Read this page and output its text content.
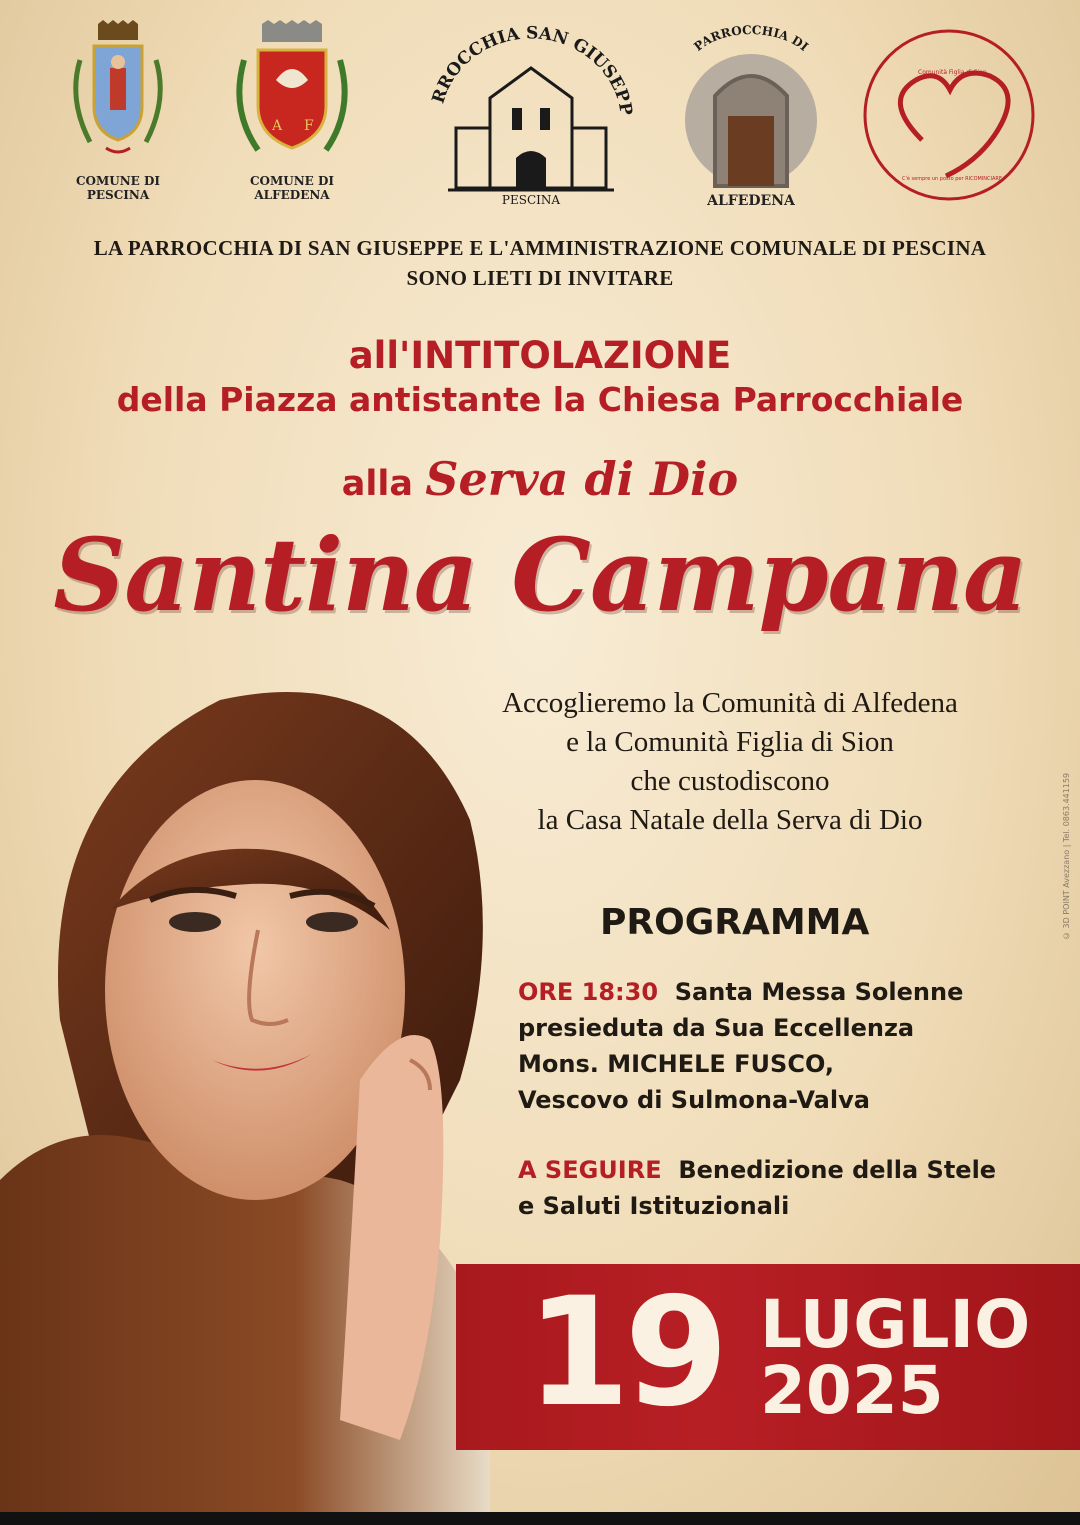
COMUNE DI PESCINA
A F
COMUNE DI ALFEDENA
RROCCHIA SAN GIUSEPP
PESCINA
PARROCCHIA DI
ALFEDENA
Comunità Figlia di Sion
C'è sempre un posto per RICOMINCIARE
LA PARROCCHIA DI SAN GIUSEPPE E L'AMMINISTRAZIONE COMUNALE DI PESCINA
SONO LIETI DI INVITARE
all'INTITOLAZIONE
della Piazza antistante la Chiesa Parrocchiale
alla Serva di Dio
Santina Campana
Accoglieremo la Comunità di Alfedena
e la Comunità Figlia di Sion
che custodiscono
la Casa Natale della Serva di Dio
PROGRAMMA
ORE 18:30 Santa Messa Solenne
presieduta da Sua Eccellenza
Mons. MICHELE FUSCO,
Vescovo di Sulmona-Valva
A SEGUIRE Benedizione della Stele
e Saluti Istituzionali
19 LUGLIO
2025
© 3D POINT Avezzano | Tel. 0863.441159
